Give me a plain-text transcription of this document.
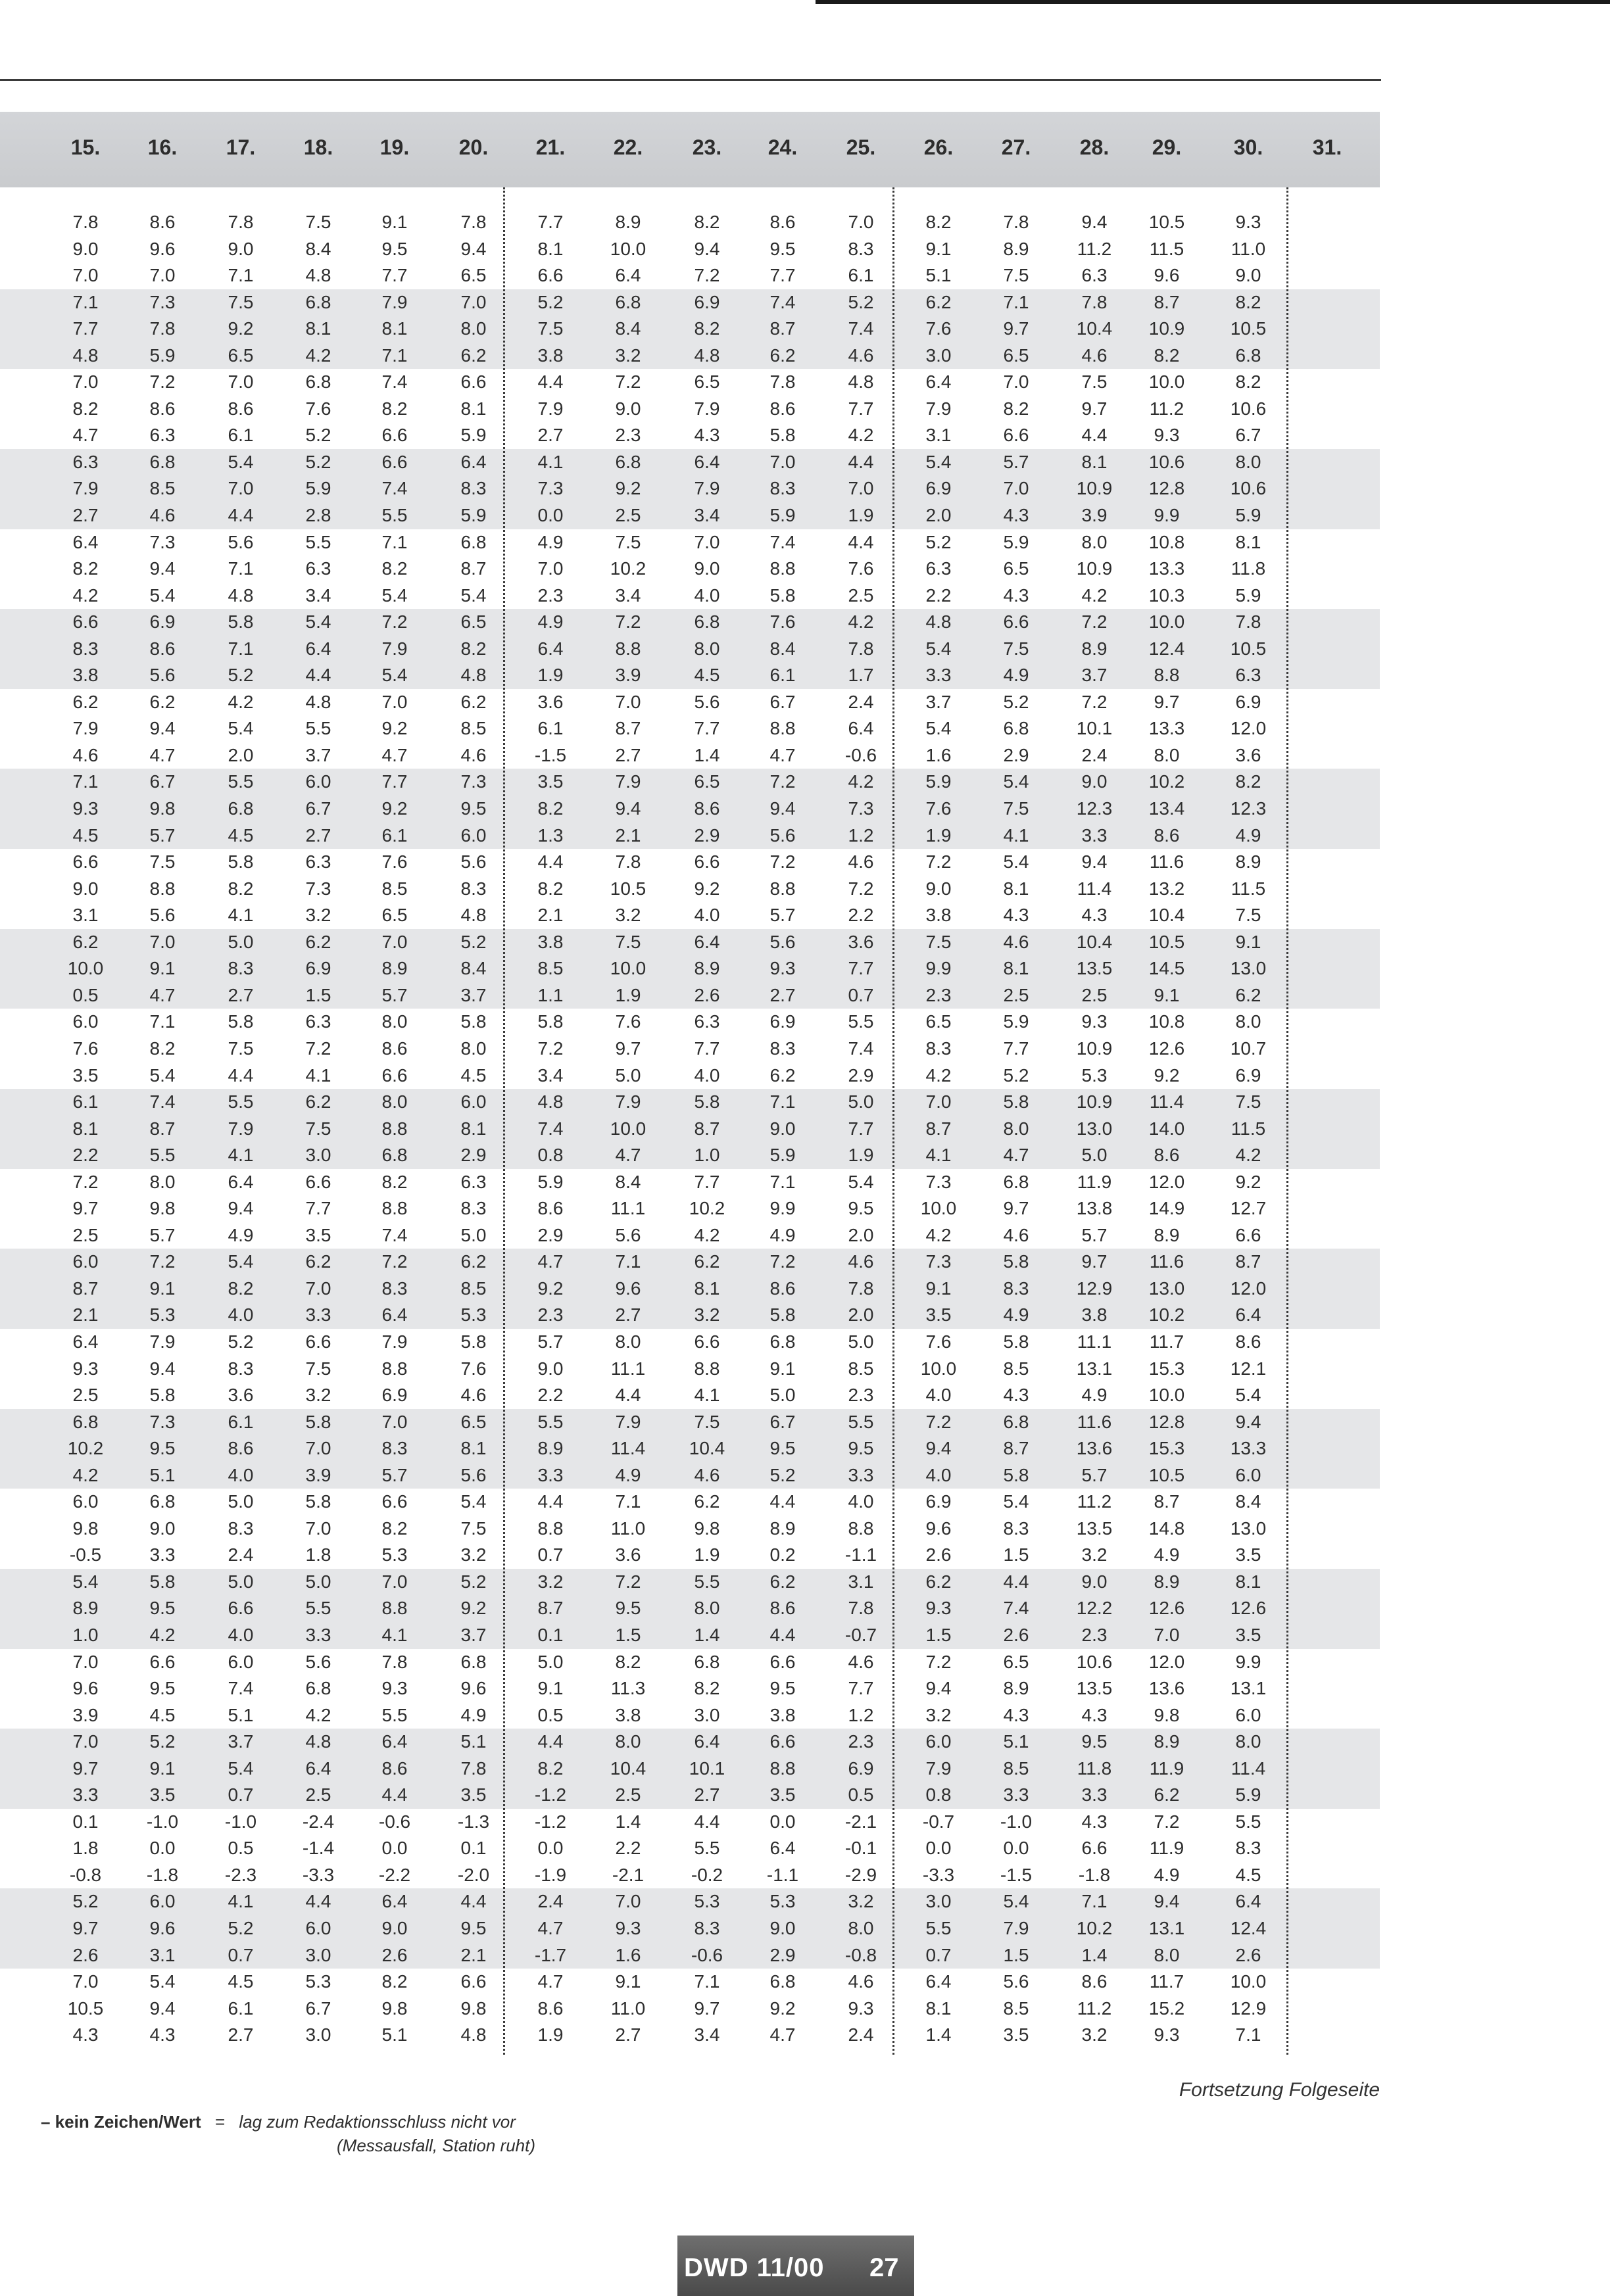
15.	16.	17.	18.	19.	20.	21.	22.	23.	24.	25.	26.	27.	28.	29.	30.	31.
7.8	8.6	7.8	7.5	9.1	7.8	7.7	8.9	8.2	8.6	7.0	8.2	7.8	9.4	10.5	9.3
9.0	9.6	9.0	8.4	9.5	9.4	8.1	10.0	9.4	9.5	8.3	9.1	8.9	11.2	11.5	11.0
7.0	7.0	7.1	4.8	7.7	6.5	6.6	6.4	7.2	7.7	6.1	5.1	7.5	6.3	9.6	9.0
7.1	7.3	7.5	6.8	7.9	7.0	5.2	6.8	6.9	7.4	5.2	6.2	7.1	7.8	8.7	8.2
7.7	7.8	9.2	8.1	8.1	8.0	7.5	8.4	8.2	8.7	7.4	7.6	9.7	10.4	10.9	10.5
4.8	5.9	6.5	4.2	7.1	6.2	3.8	3.2	4.8	6.2	4.6	3.0	6.5	4.6	8.2	6.8
7.0	7.2	7.0	6.8	7.4	6.6	4.4	7.2	6.5	7.8	4.8	6.4	7.0	7.5	10.0	8.2
8.2	8.6	8.6	7.6	8.2	8.1	7.9	9.0	7.9	8.6	7.7	7.9	8.2	9.7	11.2	10.6
4.7	6.3	6.1	5.2	6.6	5.9	2.7	2.3	4.3	5.8	4.2	3.1	6.6	4.4	9.3	6.7
6.3	6.8	5.4	5.2	6.6	6.4	4.1	6.8	6.4	7.0	4.4	5.4	5.7	8.1	10.6	8.0
7.9	8.5	7.0	5.9	7.4	8.3	7.3	9.2	7.9	8.3	7.0	6.9	7.0	10.9	12.8	10.6
2.7	4.6	4.4	2.8	5.5	5.9	0.0	2.5	3.4	5.9	1.9	2.0	4.3	3.9	9.9	5.9
6.4	7.3	5.6	5.5	7.1	6.8	4.9	7.5	7.0	7.4	4.4	5.2	5.9	8.0	10.8	8.1
8.2	9.4	7.1	6.3	8.2	8.7	7.0	10.2	9.0	8.8	7.6	6.3	6.5	10.9	13.3	11.8
4.2	5.4	4.8	3.4	5.4	5.4	2.3	3.4	4.0	5.8	2.5	2.2	4.3	4.2	10.3	5.9
6.6	6.9	5.8	5.4	7.2	6.5	4.9	7.2	6.8	7.6	4.2	4.8	6.6	7.2	10.0	7.8
8.3	8.6	7.1	6.4	7.9	8.2	6.4	8.8	8.0	8.4	7.8	5.4	7.5	8.9	12.4	10.5
3.8	5.6	5.2	4.4	5.4	4.8	1.9	3.9	4.5	6.1	1.7	3.3	4.9	3.7	8.8	6.3
6.2	6.2	4.2	4.8	7.0	6.2	3.6	7.0	5.6	6.7	2.4	3.7	5.2	7.2	9.7	6.9
7.9	9.4	5.4	5.5	9.2	8.5	6.1	8.7	7.7	8.8	6.4	5.4	6.8	10.1	13.3	12.0
4.6	4.7	2.0	3.7	4.7	4.6	-1.5	2.7	1.4	4.7	-0.6	1.6	2.9	2.4	8.0	3.6
7.1	6.7	5.5	6.0	7.7	7.3	3.5	7.9	6.5	7.2	4.2	5.9	5.4	9.0	10.2	8.2
9.3	9.8	6.8	6.7	9.2	9.5	8.2	9.4	8.6	9.4	7.3	7.6	7.5	12.3	13.4	12.3
4.5	5.7	4.5	2.7	6.1	6.0	1.3	2.1	2.9	5.6	1.2	1.9	4.1	3.3	8.6	4.9
6.6	7.5	5.8	6.3	7.6	5.6	4.4	7.8	6.6	7.2	4.6	7.2	5.4	9.4	11.6	8.9
9.0	8.8	8.2	7.3	8.5	8.3	8.2	10.5	9.2	8.8	7.2	9.0	8.1	11.4	13.2	11.5
3.1	5.6	4.1	3.2	6.5	4.8	2.1	3.2	4.0	5.7	2.2	3.8	4.3	4.3	10.4	7.5
6.2	7.0	5.0	6.2	7.0	5.2	3.8	7.5	6.4	5.6	3.6	7.5	4.6	10.4	10.5	9.1
10.0	9.1	8.3	6.9	8.9	8.4	8.5	10.0	8.9	9.3	7.7	9.9	8.1	13.5	14.5	13.0
0.5	4.7	2.7	1.5	5.7	3.7	1.1	1.9	2.6	2.7	0.7	2.3	2.5	2.5	9.1	6.2
6.0	7.1	5.8	6.3	8.0	5.8	5.8	7.6	6.3	6.9	5.5	6.5	5.9	9.3	10.8	8.0
7.6	8.2	7.5	7.2	8.6	8.0	7.2	9.7	7.7	8.3	7.4	8.3	7.7	10.9	12.6	10.7
3.5	5.4	4.4	4.1	6.6	4.5	3.4	5.0	4.0	6.2	2.9	4.2	5.2	5.3	9.2	6.9
6.1	7.4	5.5	6.2	8.0	6.0	4.8	7.9	5.8	7.1	5.0	7.0	5.8	10.9	11.4	7.5
8.1	8.7	7.9	7.5	8.8	8.1	7.4	10.0	8.7	9.0	7.7	8.7	8.0	13.0	14.0	11.5
2.2	5.5	4.1	3.0	6.8	2.9	0.8	4.7	1.0	5.9	1.9	4.1	4.7	5.0	8.6	4.2
7.2	8.0	6.4	6.6	8.2	6.3	5.9	8.4	7.7	7.1	5.4	7.3	6.8	11.9	12.0	9.2
9.7	9.8	9.4	7.7	8.8	8.3	8.6	11.1	10.2	9.9	9.5	10.0	9.7	13.8	14.9	12.7
2.5	5.7	4.9	3.5	7.4	5.0	2.9	5.6	4.2	4.9	2.0	4.2	4.6	5.7	8.9	6.6
6.0	7.2	5.4	6.2	7.2	6.2	4.7	7.1	6.2	7.2	4.6	7.3	5.8	9.7	11.6	8.7
8.7	9.1	8.2	7.0	8.3	8.5	9.2	9.6	8.1	8.6	7.8	9.1	8.3	12.9	13.0	12.0
2.1	5.3	4.0	3.3	6.4	5.3	2.3	2.7	3.2	5.8	2.0	3.5	4.9	3.8	10.2	6.4
6.4	7.9	5.2	6.6	7.9	5.8	5.7	8.0	6.6	6.8	5.0	7.6	5.8	11.1	11.7	8.6
9.3	9.4	8.3	7.5	8.8	7.6	9.0	11.1	8.8	9.1	8.5	10.0	8.5	13.1	15.3	12.1
2.5	5.8	3.6	3.2	6.9	4.6	2.2	4.4	4.1	5.0	2.3	4.0	4.3	4.9	10.0	5.4
6.8	7.3	6.1	5.8	7.0	6.5	5.5	7.9	7.5	6.7	5.5	7.2	6.8	11.6	12.8	9.4
10.2	9.5	8.6	7.0	8.3	8.1	8.9	11.4	10.4	9.5	9.5	9.4	8.7	13.6	15.3	13.3
4.2	5.1	4.0	3.9	5.7	5.6	3.3	4.9	4.6	5.2	3.3	4.0	5.8	5.7	10.5	6.0
6.0	6.8	5.0	5.8	6.6	5.4	4.4	7.1	6.2	4.4	4.0	6.9	5.4	11.2	8.7	8.4
9.8	9.0	8.3	7.0	8.2	7.5	8.8	11.0	9.8	8.9	8.8	9.6	8.3	13.5	14.8	13.0
-0.5	3.3	2.4	1.8	5.3	3.2	0.7	3.6	1.9	0.2	-1.1	2.6	1.5	3.2	4.9	3.5
5.4	5.8	5.0	5.0	7.0	5.2	3.2	7.2	5.5	6.2	3.1	6.2	4.4	9.0	8.9	8.1
8.9	9.5	6.6	5.5	8.8	9.2	8.7	9.5	8.0	8.6	7.8	9.3	7.4	12.2	12.6	12.6
1.0	4.2	4.0	3.3	4.1	3.7	0.1	1.5	1.4	4.4	-0.7	1.5	2.6	2.3	7.0	3.5
7.0	6.6	6.0	5.6	7.8	6.8	5.0	8.2	6.8	6.6	4.6	7.2	6.5	10.6	12.0	9.9
9.6	9.5	7.4	6.8	9.3	9.6	9.1	11.3	8.2	9.5	7.7	9.4	8.9	13.5	13.6	13.1
3.9	4.5	5.1	4.2	5.5	4.9	0.5	3.8	3.0	3.8	1.2	3.2	4.3	4.3	9.8	6.0
7.0	5.2	3.7	4.8	6.4	5.1	4.4	8.0	6.4	6.6	2.3	6.0	5.1	9.5	8.9	8.0
9.7	9.1	5.4	6.4	8.6	7.8	8.2	10.4	10.1	8.8	6.9	7.9	8.5	11.8	11.9	11.4
3.3	3.5	0.7	2.5	4.4	3.5	-1.2	2.5	2.7	3.5	0.5	0.8	3.3	3.3	6.2	5.9
0.1	-1.0	-1.0	-2.4	-0.6	-1.3	-1.2	1.4	4.4	0.0	-2.1	-0.7	-1.0	4.3	7.2	5.5
1.8	0.0	0.5	-1.4	0.0	0.1	0.0	2.2	5.5	6.4	-0.1	0.0	0.0	6.6	11.9	8.3
-0.8	-1.8	-2.3	-3.3	-2.2	-2.0	-1.9	-2.1	-0.2	-1.1	-2.9	-3.3	-1.5	-1.8	4.9	4.5
5.2	6.0	4.1	4.4	6.4	4.4	2.4	7.0	5.3	5.3	3.2	3.0	5.4	7.1	9.4	6.4
9.7	9.6	5.2	6.0	9.0	9.5	4.7	9.3	8.3	9.0	8.0	5.5	7.9	10.2	13.1	12.4
2.6	3.1	0.7	3.0	2.6	2.1	-1.7	1.6	-0.6	2.9	-0.8	0.7	1.5	1.4	8.0	2.6
7.0	5.4	4.5	5.3	8.2	6.6	4.7	9.1	7.1	6.8	4.6	6.4	5.6	8.6	11.7	10.0
10.5	9.4	6.1	6.7	9.8	9.8	8.6	11.0	9.7	9.2	9.3	8.1	8.5	11.2	15.2	12.9
4.3	4.3	2.7	3.0	5.1	4.8	1.9	2.7	3.4	4.7	2.4	1.4	3.5	3.2	9.3	7.1
Fortsetzung Folgeseite
– kein Zeichen/Wert = lag zum Redaktionsschluss nicht vor
(Messausfall, Station ruht)
DWD 11/00 27
